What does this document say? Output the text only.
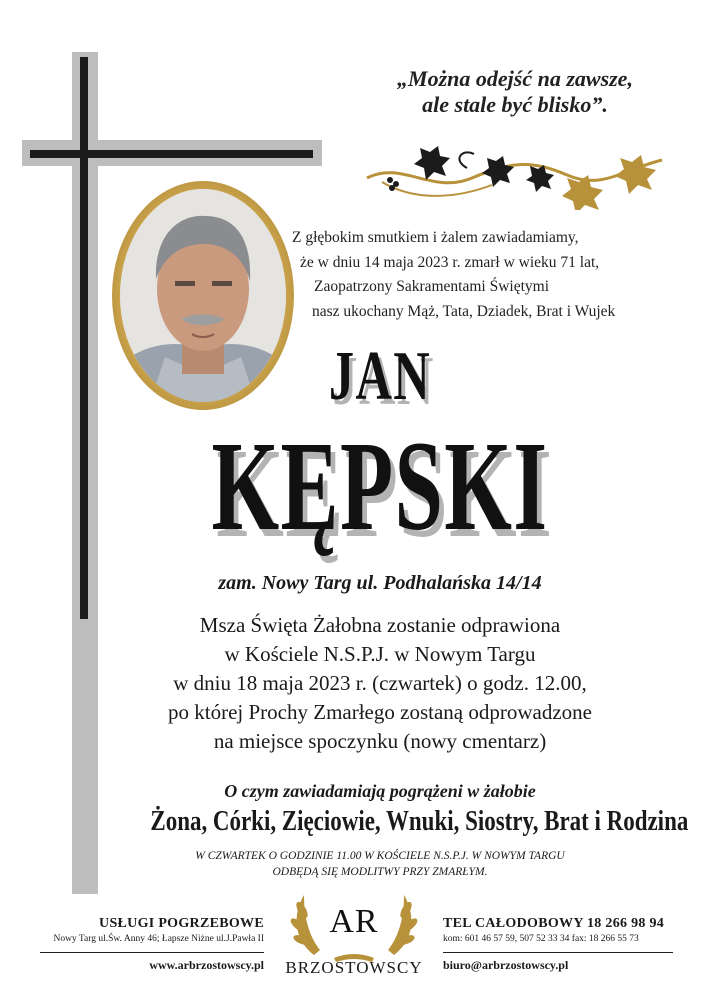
„Można odejść na zawsze,
ale stale być blisko”.
Z głębokim smutkiem i żalem zawiadamiamy,
że w dniu 14 maja 2023 r. zmarł w wieku 71 lat,
Zaopatrzony Sakramentami Świętymi
nasz ukochany Mąż, Tata, Dziadek, Brat i Wujek
JAN
KĘPSKI
zam. Nowy Targ ul. Podhalańska 14/14
Msza Święta Żałobna zostanie odprawiona
w Kościele N.S.P.J. w Nowym Targu
w dniu 18 maja 2023 r. (czwartek) o godz. 12.00,
po której Prochy Zmarłego zostaną odprowadzone
na miejsce spoczynku (nowy cmentarz)
O czym zawiadamiają pogrążeni w żałobie
Żona, Córki, Zięciowie, Wnuki, Siostry, Brat i Rodzina
W CZWARTEK O GODZINIE 11.00 W KOŚCIELE N.S.P.J. W NOWYM TARGU
ODBĘDĄ SIĘ MODLITWY PRZY ZMARŁYM.
USŁUGI POGRZEBOWE
Nowy Targ ul.Św. Anny 46; Łapsze Niżne ul.J.Pawła II
www.arbrzostowscy.pl
AR
BRZOSTOWSCY
TEL CAŁODOBOWY 18 266 98 94
kom: 601 46 57 59, 507 52 33 34 fax: 18 266 55 73
biuro@arbrzostowscy.pl
